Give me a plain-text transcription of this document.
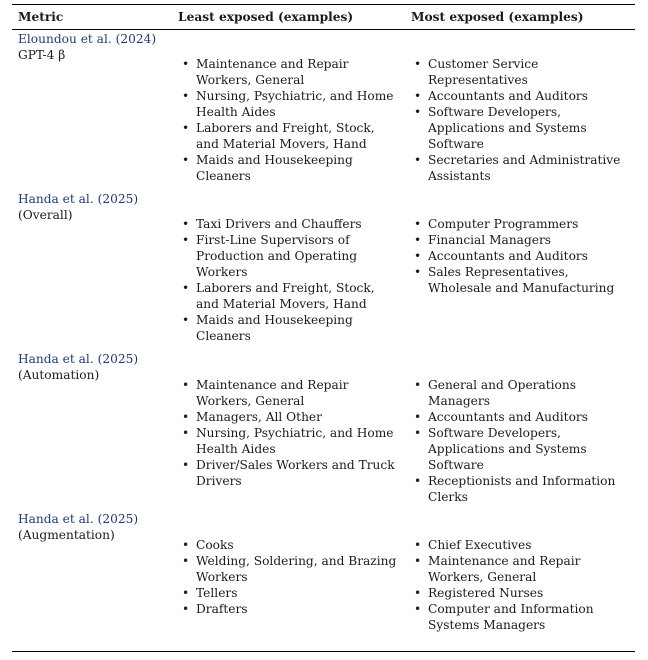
Metric	Least exposed (examples)	Most exposed (examples)
Eloundou et al. (2024)
GPT-4 β
• Maintenance and Repair Workers, General
• Nursing, Psychiatric, and Home Health Aides
• Laborers and Freight, Stock, and Material Movers, Hand
• Maids and Housekeeping Cleaners
• Customer Service Representatives
• Accountants and Auditors
• Software Developers, Applications and Systems Software
• Secretaries and Administrative Assistants
Handa et al. (2025)
(Overall)
• Taxi Drivers and Chauffers
• First-Line Supervisors of Production and Operating Workers
• Laborers and Freight, Stock, and Material Movers, Hand
• Maids and Housekeeping Cleaners
• Computer Programmers
• Financial Managers
• Accountants and Auditors
• Sales Representatives, Wholesale and Manufacturing
Handa et al. (2025)
(Automation)
• Maintenance and Repair Workers, General
• Managers, All Other
• Nursing, Psychiatric, and Home Health Aides
• Driver/Sales Workers and Truck Drivers
• General and Operations Managers
• Accountants and Auditors
• Software Developers, Applications and Systems Software
• Receptionists and Information Clerks
Handa et al. (2025)
(Augmentation)
• Cooks
• Welding, Soldering, and Brazing Workers
• Tellers
• Drafters
• Chief Executives
• Maintenance and Repair Workers, General
• Registered Nurses
• Computer and Information Systems Managers
